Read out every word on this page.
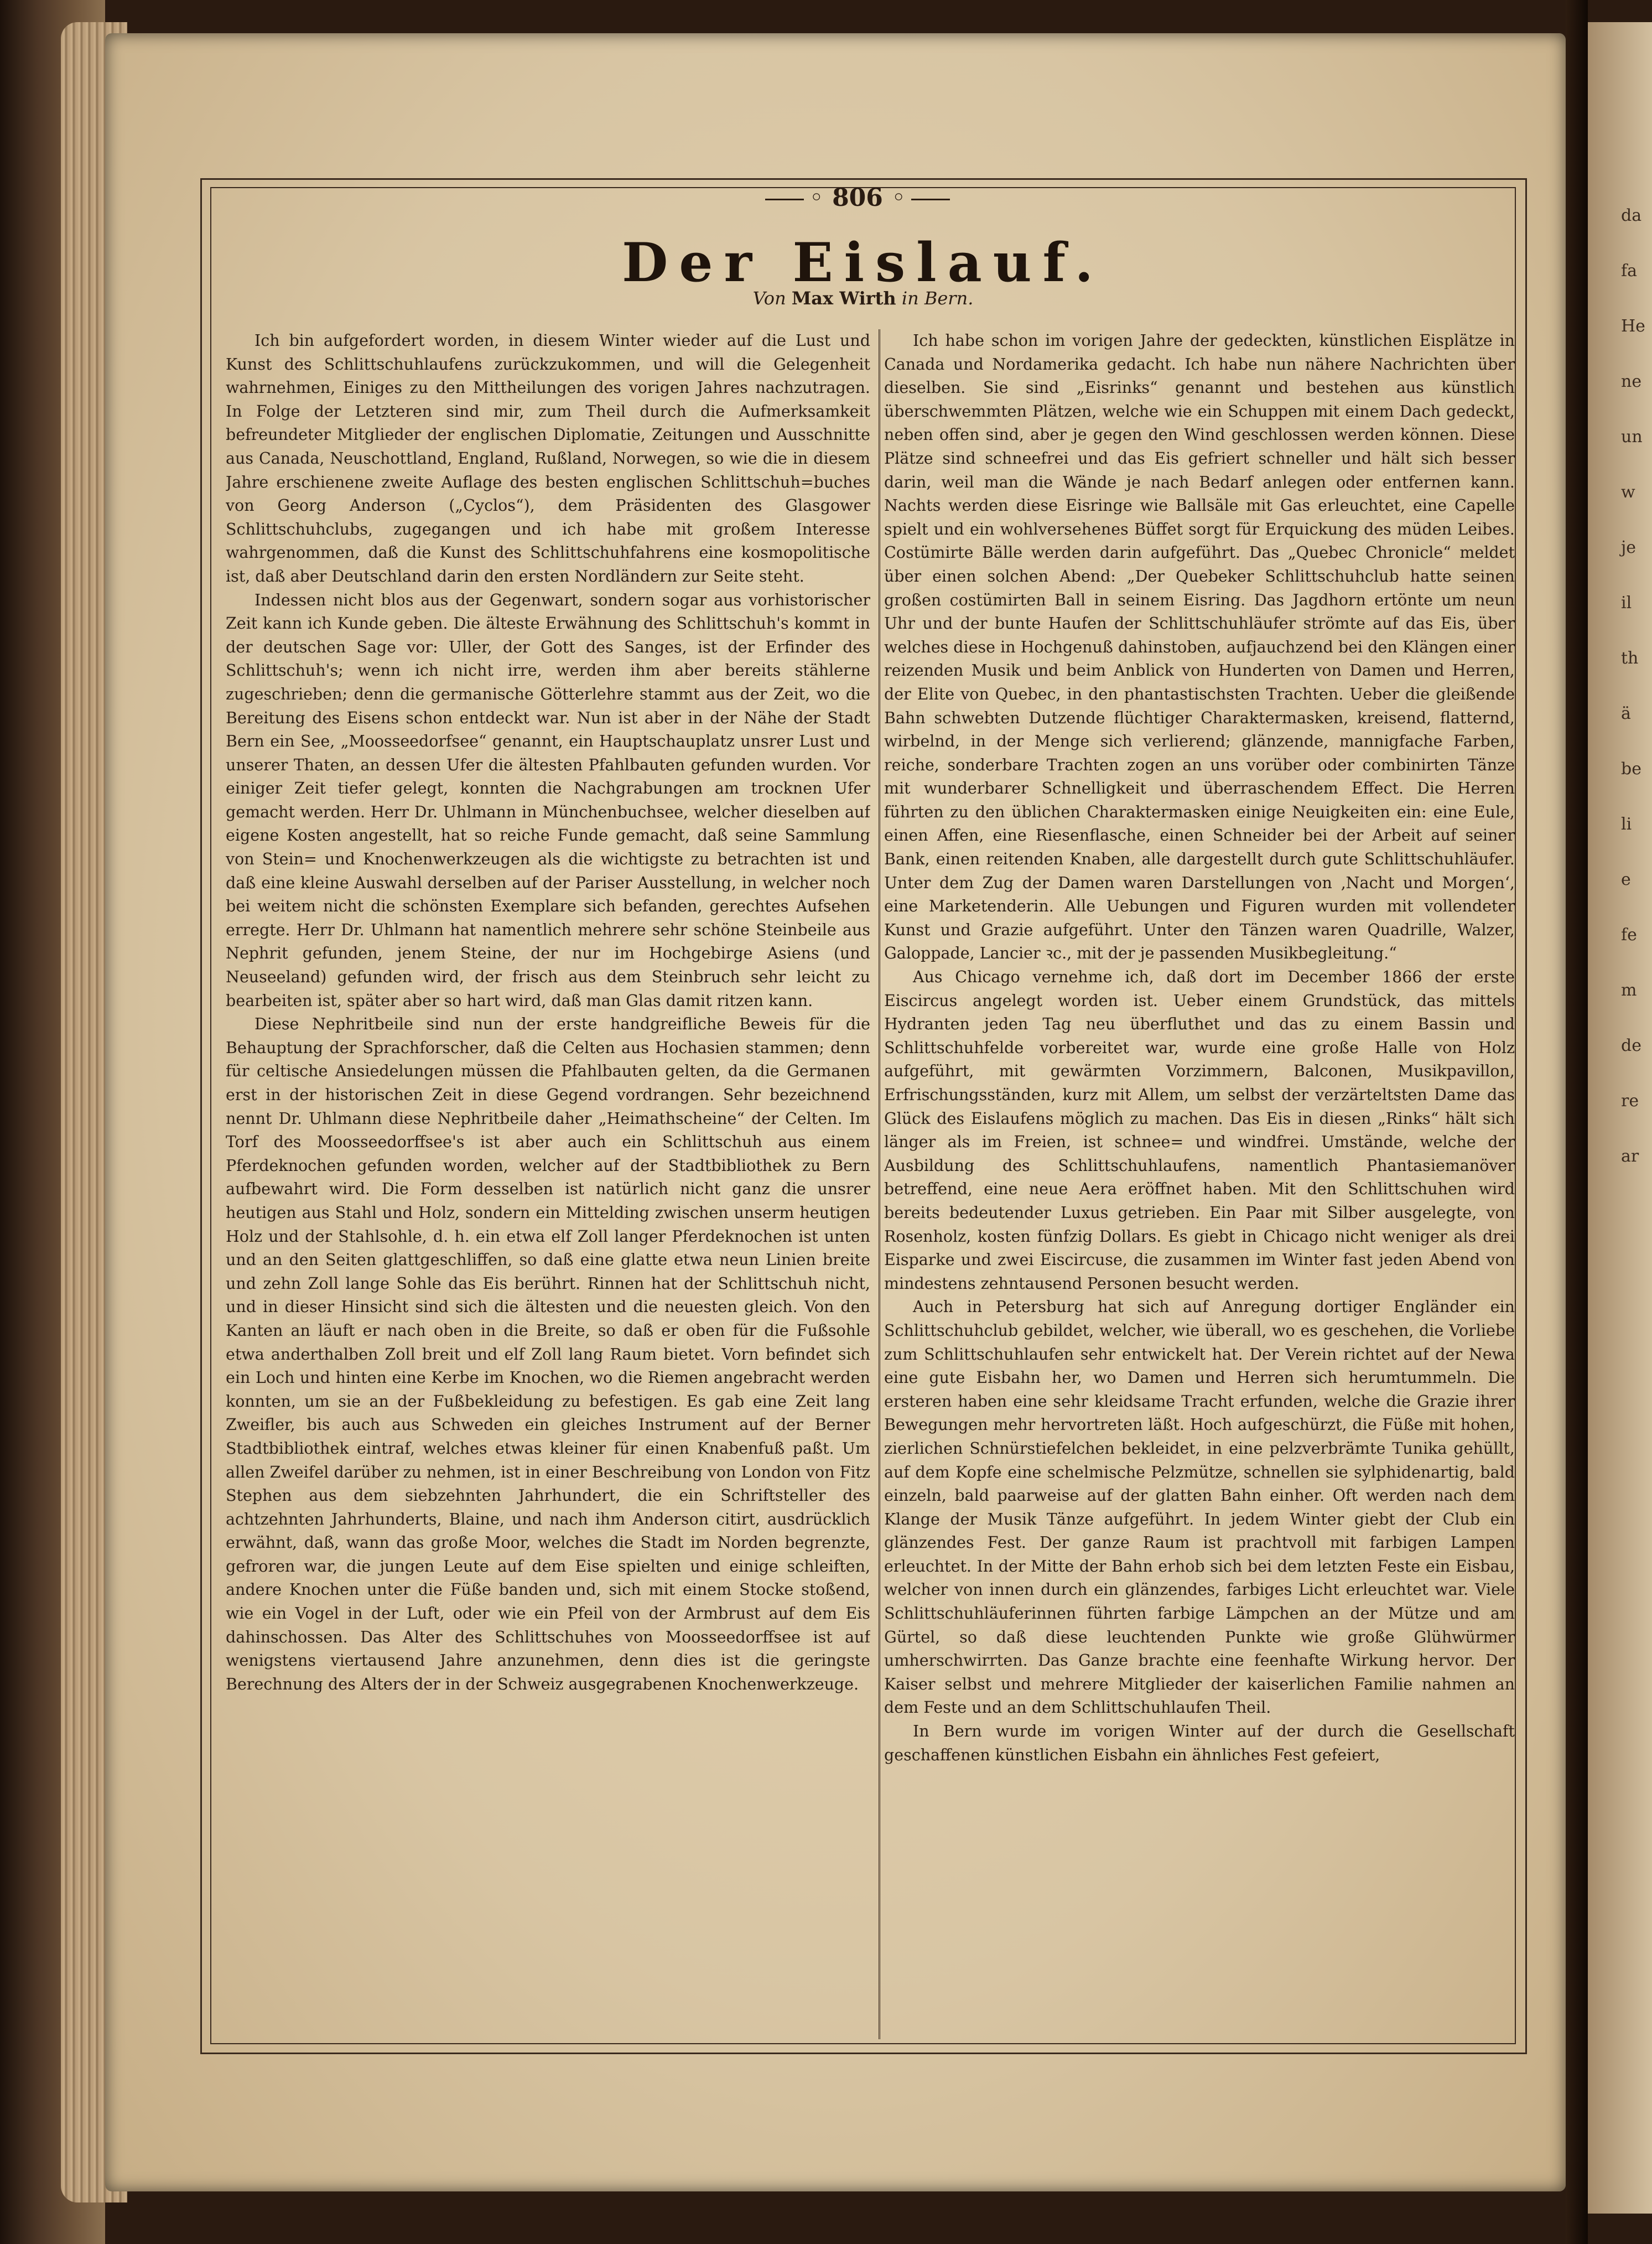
da
fa
He
ne
un
w
je
il
th
ä
be
li
e
fe
m
de
re
ar
◦ 806 ◦
Der Eislauf.
Von Max Wirth in Bern.

Ich bin aufgefordert worden, in diesem Winter wieder auf die Lust und Kunst des Schlittschuhlaufens zurückzukommen, und will die Gelegenheit wahrnehmen, Einiges zu den Mittheilungen des vorigen Jahres nachzutragen. In Folge der Letzteren sind mir, zum Theil durch die Aufmerksamkeit befreundeter Mitglieder der englischen Diplomatie, Zeitungen und Ausschnitte aus Canada, Neuschottland, England, Rußland, Norwegen, so wie die in diesem Jahre erschienene zweite Auflage des besten englischen Schlittschuh=buches von Georg Anderson („Cyclos“), dem Präsidenten des Glasgower Schlittschuhclubs, zugegangen und ich habe mit großem Interesse wahrgenommen, daß die Kunst des Schlittschuhfahrens eine kosmopolitische ist, daß aber Deutschland darin den ersten Nordländern zur Seite steht.

Indessen nicht blos aus der Gegenwart, sondern sogar aus vorhistorischer Zeit kann ich Kunde geben. Die älteste Erwähnung des Schlittschuh's kommt in der deutschen Sage vor: Uller, der Gott des Sanges, ist der Erfinder des Schlittschuh's; wenn ich nicht irre, werden ihm aber bereits stählerne zugeschrieben; denn die germanische Götterlehre stammt aus der Zeit, wo die Bereitung des Eisens schon entdeckt war. Nun ist aber in der Nähe der Stadt Bern ein See, „Moosseedorfsee“ genannt, ein Hauptschauplatz unsrer Lust und unserer Thaten, an dessen Ufer die ältesten Pfahlbauten gefunden wurden. Vor einiger Zeit tiefer gelegt, konnten die Nachgrabungen am trocknen Ufer gemacht werden. Herr Dr. Uhlmann in Münchenbuchsee, welcher dieselben auf eigene Kosten angestellt, hat so reiche Funde gemacht, daß seine Sammlung von Stein= und Knochenwerkzeugen als die wichtigste zu betrachten ist und daß eine kleine Auswahl derselben auf der Pariser Ausstellung, in welcher noch bei weitem nicht die schönsten Exemplare sich befanden, gerechtes Aufsehen erregte. Herr Dr. Uhlmann hat namentlich mehrere sehr schöne Steinbeile aus Nephrit gefunden, jenem Steine, der nur im Hochgebirge Asiens (und Neuseeland) gefunden wird, der frisch aus dem Steinbruch sehr leicht zu bearbeiten ist, später aber so hart wird, daß man Glas damit ritzen kann.

Diese Nephritbeile sind nun der erste handgreifliche Beweis für die Behauptung der Sprachforscher, daß die Celten aus Hochasien stammen; denn für celtische Ansiedelungen müssen die Pfahlbauten gelten, da die Germanen erst in der historischen Zeit in diese Gegend vordrangen. Sehr bezeichnend nennt Dr. Uhlmann diese Nephritbeile daher „Heimathscheine“ der Celten. Im Torf des Moosseedorffsee's ist aber auch ein Schlittschuh aus einem Pferdeknochen gefunden worden, welcher auf der Stadtbibliothek zu Bern aufbewahrt wird. Die Form desselben ist natürlich nicht ganz die unsrer heutigen aus Stahl und Holz, sondern ein Mittelding zwischen unserm heutigen Holz und der Stahlsohle, d. h. ein etwa elf Zoll langer Pferdeknochen ist unten und an den Seiten glattgeschliffen, so daß eine glatte etwa neun Linien breite und zehn Zoll lange Sohle das Eis berührt. Rinnen hat der Schlittschuh nicht, und in dieser Hinsicht sind sich die ältesten und die neuesten gleich. Von den Kanten an läuft er nach oben in die Breite, so daß er oben für die Fußsohle etwa anderthalben Zoll breit und elf Zoll lang Raum bietet. Vorn befindet sich ein Loch und hinten eine Kerbe im Knochen, wo die Riemen angebracht werden konnten, um sie an der Fußbekleidung zu befestigen. Es gab eine Zeit lang Zweifler, bis auch aus Schweden ein gleiches Instrument auf der Berner Stadtbibliothek eintraf, welches etwas kleiner für einen Knabenfuß paßt. Um allen Zweifel darüber zu nehmen, ist in einer Beschreibung von London von Fitz Stephen aus dem siebzehnten Jahrhundert, die ein Schriftsteller des achtzehnten Jahrhunderts, Blaine, und nach ihm Anderson citirt, ausdrücklich erwähnt, daß, wann das große Moor, welches die Stadt im Norden begrenzte, gefroren war, die jungen Leute auf dem Eise spielten und einige schleiften, andere Knochen unter die Füße banden und, sich mit einem Stocke stoßend, wie ein Vogel in der Luft, oder wie ein Pfeil von der Armbrust auf dem Eis dahinschossen. Das Alter des Schlittschuhes von Moosseedorffsee ist auf wenigstens viertausend Jahre anzunehmen, denn dies ist die geringste Berechnung des Alters der in der Schweiz ausgegrabenen Knochenwerkzeuge.

Ich habe schon im vorigen Jahre der gedeckten, künstlichen Eisplätze in Canada und Nordamerika gedacht. Ich habe nun nähere Nachrichten über dieselben. Sie sind „Eisrinks“ genannt und bestehen aus künstlich überschwemmten Plätzen, welche wie ein Schuppen mit einem Dach gedeckt, neben offen sind, aber je gegen den Wind geschlossen werden können. Diese Plätze sind schneefrei und das Eis gefriert schneller und hält sich besser darin, weil man die Wände je nach Bedarf anlegen oder entfernen kann. Nachts werden diese Eisringe wie Ballsäle mit Gas erleuchtet, eine Capelle spielt und ein wohlversehenes Büffet sorgt für Erquickung des müden Leibes. Costümirte Bälle werden darin aufgeführt. Das „Quebec Chronicle“ meldet über einen solchen Abend: „Der Quebeker Schlittschuhclub hatte seinen großen costümirten Ball in seinem Eisring. Das Jagdhorn ertönte um neun Uhr und der bunte Haufen der Schlittschuhläufer strömte auf das Eis, über welches diese in Hochgenuß dahinstoben, aufjauchzend bei den Klängen einer reizenden Musik und beim Anblick von Hunderten von Damen und Herren, der Elite von Quebec, in den phantastischsten Trachten. Ueber die gleißende Bahn schwebten Dutzende flüchtiger Charaktermasken, kreisend, flatternd, wirbelnd, in der Menge sich verlierend; glänzende, mannigfache Farben, reiche, sonderbare Trachten zogen an uns vorüber oder combinirten Tänze mit wunderbarer Schnelligkeit und überraschendem Effect. Die Herren führten zu den üblichen Charaktermasken einige Neuigkeiten ein: eine Eule, einen Affen, eine Riesenflasche, einen Schneider bei der Arbeit auf seiner Bank, einen reitenden Knaben, alle dargestellt durch gute Schlittschuhläufer. Unter dem Zug der Damen waren Darstellungen von ‚Nacht und Morgen‘, eine Marketenderin. Alle Uebungen und Figuren wurden mit vollendeter Kunst und Grazie aufgeführt. Unter den Tänzen waren Quadrille, Walzer, Galoppade, Lancier ꝛc., mit der je passenden Musikbegleitung.“

Aus Chicago vernehme ich, daß dort im December 1866 der erste Eiscircus angelegt worden ist. Ueber einem Grundstück, das mittels Hydranten jeden Tag neu überfluthet und das zu einem Bassin und Schlittschuhfelde vorbereitet war, wurde eine große Halle von Holz aufgeführt, mit gewärmten Vorzimmern, Balconen, Musikpavillon, Erfrischungsständen, kurz mit Allem, um selbst der verzärteltsten Dame das Glück des Eislaufens möglich zu machen. Das Eis in diesen „Rinks“ hält sich länger als im Freien, ist schnee= und windfrei. Umstände, welche der Ausbildung des Schlittschuhlaufens, namentlich Phantasiemanöver betreffend, eine neue Aera eröffnet haben. Mit den Schlittschuhen wird bereits bedeutender Luxus getrieben. Ein Paar mit Silber ausgelegte, von Rosenholz, kosten fünfzig Dollars. Es giebt in Chicago nicht weniger als drei Eisparke und zwei Eiscircuse, die zusammen im Winter fast jeden Abend von mindestens zehntausend Personen besucht werden.

Auch in Petersburg hat sich auf Anregung dortiger Engländer ein Schlittschuhclub gebildet, welcher, wie überall, wo es geschehen, die Vorliebe zum Schlittschuhlaufen sehr entwickelt hat. Der Verein richtet auf der Newa eine gute Eisbahn her, wo Damen und Herren sich herumtummeln. Die ersteren haben eine sehr kleidsame Tracht erfunden, welche die Grazie ihrer Bewegungen mehr hervortreten läßt. Hoch aufgeschürzt, die Füße mit hohen, zierlichen Schnürstiefelchen bekleidet, in eine pelzverbrämte Tunika gehüllt, auf dem Kopfe eine schelmische Pelzmütze, schnellen sie sylphidenartig, bald einzeln, bald paarweise auf der glatten Bahn einher. Oft werden nach dem Klange der Musik Tänze aufgeführt. In jedem Winter giebt der Club ein glänzendes Fest. Der ganze Raum ist prachtvoll mit farbigen Lampen erleuchtet. In der Mitte der Bahn erhob sich bei dem letzten Feste ein Eisbau, welcher von innen durch ein glänzendes, farbiges Licht erleuchtet war. Viele Schlittschuhläuferinnen führten farbige Lämpchen an der Mütze und am Gürtel, so daß diese leuchtenden Punkte wie große Glühwürmer umherschwirrten. Das Ganze brachte eine feenhafte Wirkung hervor. Der Kaiser selbst und mehrere Mitglieder der kaiserlichen Familie nahmen an dem Feste und an dem Schlittschuhlaufen Theil.

In Bern wurde im vorigen Winter auf der durch die Gesellschaft geschaffenen künstlichen Eisbahn ein ähnliches Fest gefeiert,
